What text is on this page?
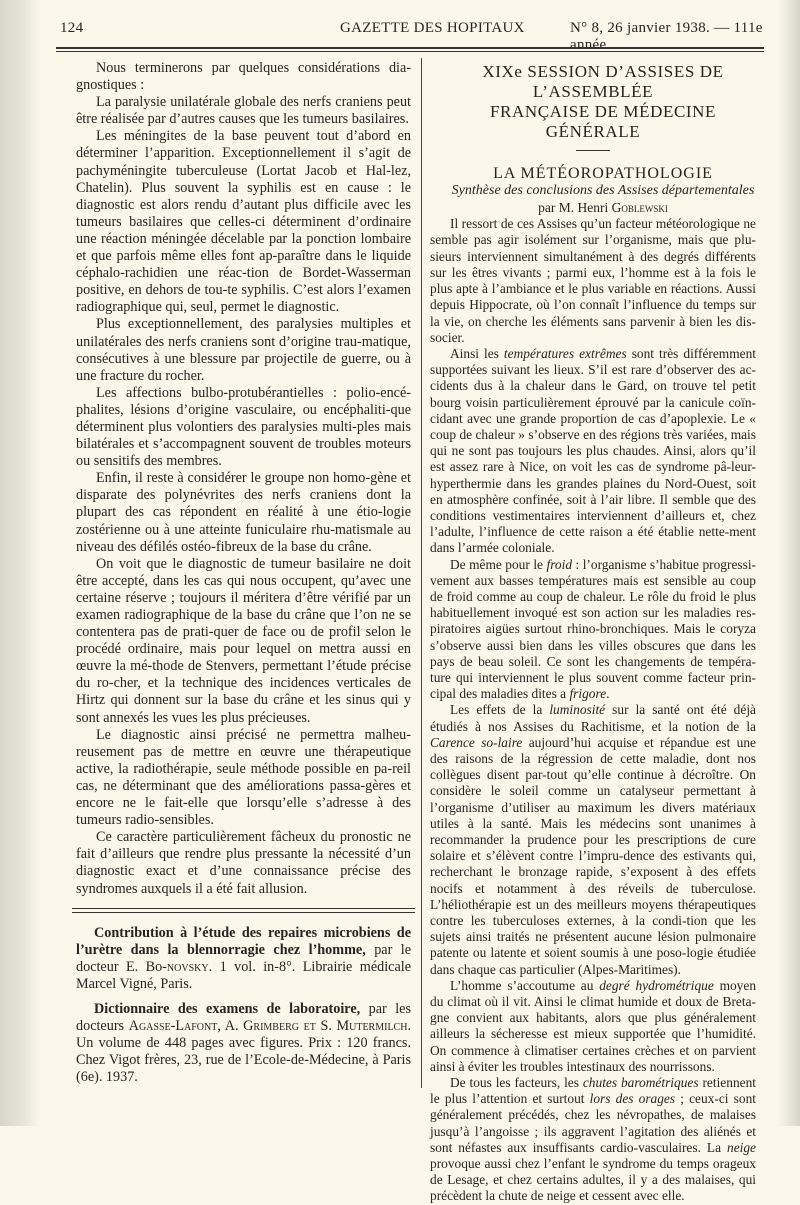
124	GAZETTE DES HOPITAUX	N° 8, 26 janvier 1938. — 111e année.

Nous terminerons par quelques considérations dia-gnostiques :

La paralysie unilatérale globale des nerfs craniens peut être réalisée par d’autres causes que les tumeurs basilaires.

Les méningites de la base peuvent tout d’abord en déterminer l’apparition. Exceptionnellement il s’agit de pachyméningite tuberculeuse (Lortat Jacob et Hal-lez, Chatelin). Plus souvent la syphilis est en cause : le diagnostic est alors rendu d’autant plus difficile avec les tumeurs basilaires que celles-ci déterminent d’ordinaire une réaction méningée décelable par la ponction lombaire et que parfois même elles font ap-paraître dans le liquide céphalo-rachidien une réac-tion de Bordet-Wasserman positive, en dehors de tou-te syphilis. C’est alors l’examen radiographique qui, seul, permet le diagnostic.

Plus exceptionnellement, des paralysies multiples et unilatérales des nerfs craniens sont d’origine trau-matique, consécutives à une blessure par projectile de guerre, ou à une fracture du rocher.

Les affections bulbo-protubérantielles : polio-encé-phalites, lésions d’origine vasculaire, ou encéphaliti-que déterminent plus volontiers des paralysies multi-ples mais bilatérales et s’accompagnent souvent de troubles moteurs ou sensitifs des membres.

Enfin, il reste à considérer le groupe non homo-gène et disparate des polynévrites des nerfs craniens dont la plupart des cas répondent en réalité à une étio-logie zostérienne ou à une atteinte funiculaire rhu-matismale au niveau des défilés ostéo-fibreux de la base du crâne.

On voit que le diagnostic de tumeur basilaire ne doit être accepté, dans les cas qui nous occupent, qu’avec une certaine réserve ; toujours il méritera d’être vérifié par un examen radiographique de la base du crâne que l’on ne se contentera pas de prati-quer de face ou de profil selon le procédé ordinaire, mais pour lequel on mettra aussi en œuvre la mé-thode de Stenvers, permettant l’étude précise du ro-cher, et la technique des incidences verticales de Hirtz qui donnent sur la base du crâne et les sinus qui y sont annexés les vues les plus précieuses.

Le diagnostic ainsi précisé ne permettra malheu-reusement pas de mettre en œuvre une thérapeutique active, la radiothérapie, seule méthode possible en pa-reil cas, ne déterminant que des améliorations passa-gères et encore ne le fait-elle que lorsqu’elle s’adresse à des tumeurs radio-sensibles.

Ce caractère particulièrement fâcheux du pronostic ne fait d’ailleurs que rendre plus pressante la nécessité d’un diagnostic exact et d’une connaissance précise des syndromes auxquels il a été fait allusion.

Contribution à l’étude des repaires microbiens de l’urètre dans la blennorragie chez l’homme, par le docteur E. Bo-novsky. 1 vol. in-8°. Librairie médicale Marcel Vigné, Paris.

Dictionnaire des examens de laboratoire, par les docteurs Agasse-Lafont, A. Grimberg et S. Mutermilch. Un volume de 448 pages avec figures. Prix : 120 francs. Chez Vigot frères, 23, rue de l’Ecole-de-Médecine, à Paris (6e). 1937.

XIXe SESSION D’ASSISES DE L’ASSEMBLÉE

FRANÇAISE DE MÉDECINE GÉNÉRALE

LA MÉTÉOROPATHOLOGIE

Synthèse des conclusions des Assises départementales

par M. Henri Goblewski

Il ressort de ces Assises qu’un facteur météorologique ne semble pas agir isolément sur l’organisme, mais que plu-sieurs interviennent simultanément à des degrés différents sur les êtres vivants ; parmi eux, l’homme est à la fois le plus apte à l’ambiance et le plus variable en réactions. Aussi depuis Hippocrate, où l’on connaît l’influence du temps sur la vie, on cherche les éléments sans parvenir à bien les dis-socier.

Ainsi les températures extrêmes sont très différemment supportées suivant les lieux. S’il est rare d’observer des ac-cidents dus à la chaleur dans le Gard, on trouve tel petit bourg voisin particulièrement éprouvé par la canicule coïn-cidant avec une grande proportion de cas d’apoplexie. Le « coup de chaleur » s’observe en des régions très variées, mais qui ne sont pas toujours les plus chaudes. Ainsi, alors qu’il est assez rare à Nice, on voit les cas de syndrome pâ-leur-hyperthermie dans les grandes plaines du Nord-Ouest, soit en atmosphère confinée, soit à l’air libre. Il semble que des conditions vestimentaires interviennent d’ailleurs et, chez l’adulte, l’influence de cette raison a été établie nette-ment dans l’armée coloniale.

De même pour le froid : l’organisme s’habitue progressi-vement aux basses températures mais est sensible au coup de froid comme au coup de chaleur. Le rôle du froid le plus habituellement invoqué est son action sur les maladies res-piratoires aigües surtout rhino-bronchiques. Mais le coryza s’observe aussi bien dans les villes obscures que dans les pays de beau soleil. Ce sont les changements de tempéra-ture qui interviennent le plus souvent comme facteur prin-cipal des maladies dites a frigore.

Les effets de la luminosité sur la santé ont été déjà étudiés à nos Assises du Rachitisme, et la notion de la Carence so-laire aujourd’hui acquise et répandue est une des raisons de la régression de cette maladie, dont nos collègues disent par-tout qu’elle continue à décroître. On considère le soleil comme un catalyseur permettant à l’organisme d’utiliser au maximum les divers matériaux utiles à la santé. Mais les médecins sont unanimes à recommander la prudence pour les prescriptions de cure solaire et s’élèvent contre l’impru-dence des estivants qui, recherchant le bronzage rapide, s’exposent à des effets nocifs et notamment à des réveils de tuberculose. L’héliothérapie est un des meilleurs moyens thérapeutiques contre les tuberculoses externes, à la condi-tion que les sujets ainsi traités ne présentent aucune lésion pulmonaire patente ou latente et soient soumis à une poso-logie étudiée dans chaque cas particulier (Alpes-Maritimes).

L’homme s’accoutume au degré hydrométrique moyen du climat où il vit. Ainsi le climat humide et doux de Breta-gne convient aux habitants, alors que plus généralement ailleurs la sécheresse est mieux supportée que l’humidité. On commence à climatiser certaines crèches et on parvient ainsi à éviter les troubles intestinaux des nourrissons.

De tous les facteurs, les chutes barométriques retiennent le plus l’attention et surtout lors des orages ; ceux-ci sont généralement précédés, chez les névropathes, de malaises jusqu’à l’angoisse ; ils aggravent l’agitation des aliénés et sont néfastes aux insuffisants cardio-vasculaires. La neige provoque aussi chez l’enfant le syndrome du temps orageux de Lesage, et chez certains adultes, il y a des malaises, qui précèdent la chute de neige et cessent avec elle.
